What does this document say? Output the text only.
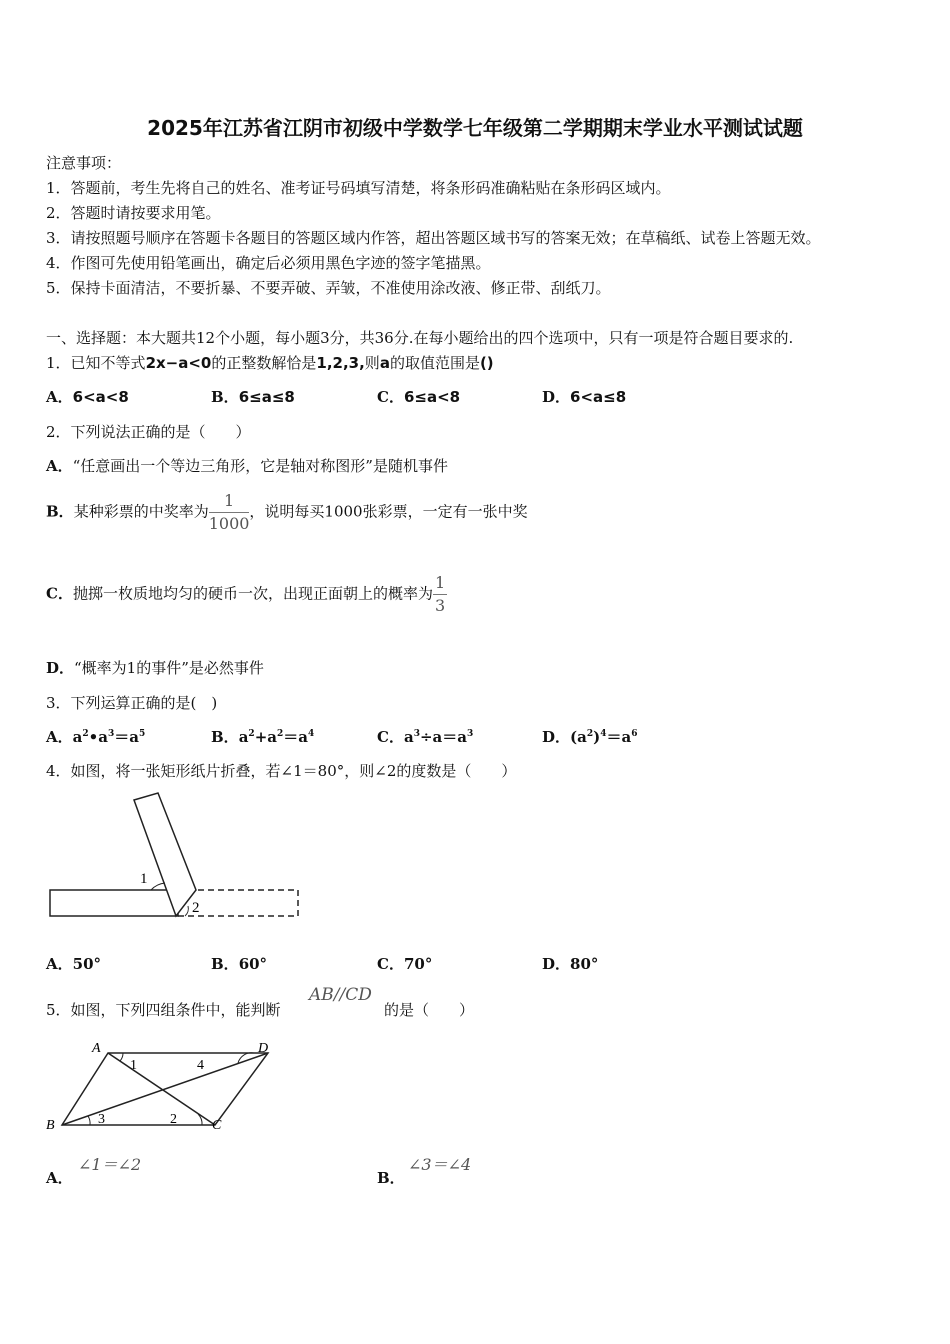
2025年江苏省江阴市初级中学数学七年级第二学期期末学业水平测试试题
注意事项：
1．答题前，考生先将自己的姓名、准考证号码填写清楚，将条形码准确粘贴在条形码区域内。
2．答题时请按要求用笔。
3．请按照题号顺序在答题卡各题目的答题区域内作答，超出答题区域书写的答案无效；在草稿纸、试卷上答题无效。
4．作图可先使用铅笔画出，确定后必须用黑色字迹的签字笔描黑。
5．保持卡面清洁，不要折暴、不要弄破、弄皱，不准使用涂改液、修正带、刮纸刀。
一、选择题：本大题共12个小题，每小题3分，共36分.在每小题给出的四个选项中，只有一项是符合题目要求的.
1．已知不等式2x−a<0的正整数解恰是1,2,3,则a的取值范围是()
A．6<a<8	B．6≤a≤8	C．6≤a<8	D．6<a≤8
2．下列说法正确的是（　　）
A．“任意画出一个等边三角形，它是轴对称图形”是随机事件
B．某种彩票的中奖率为 $\frac{1}{1000}$ ，说明每买1000张彩票，一定有一张中奖
C．抛掷一枚质地均匀的硬币一次，出现正面朝上的概率为 $\frac{1}{3}$
D．“概率为1的事件”是必然事件
3．下列运算正确的是(　)
A．$a^2•a^3=a^5$	B．$a^2+a^2=a^4$	C．$a^3\div a=a^3$	D．$(a^2)^4=a^6$
4．如图，将一张矩形纸片折叠，若∠1＝80°，则∠2的度数是（　　）
1
2
A．50°	B．60°	C．70°	D．80°
5．如图，下列四组条件中，能判断
AB//CD
的是（　　）
A	D
B	C
1	4
3	2
A．
∠1＝∠2
B．
∠3＝∠4
